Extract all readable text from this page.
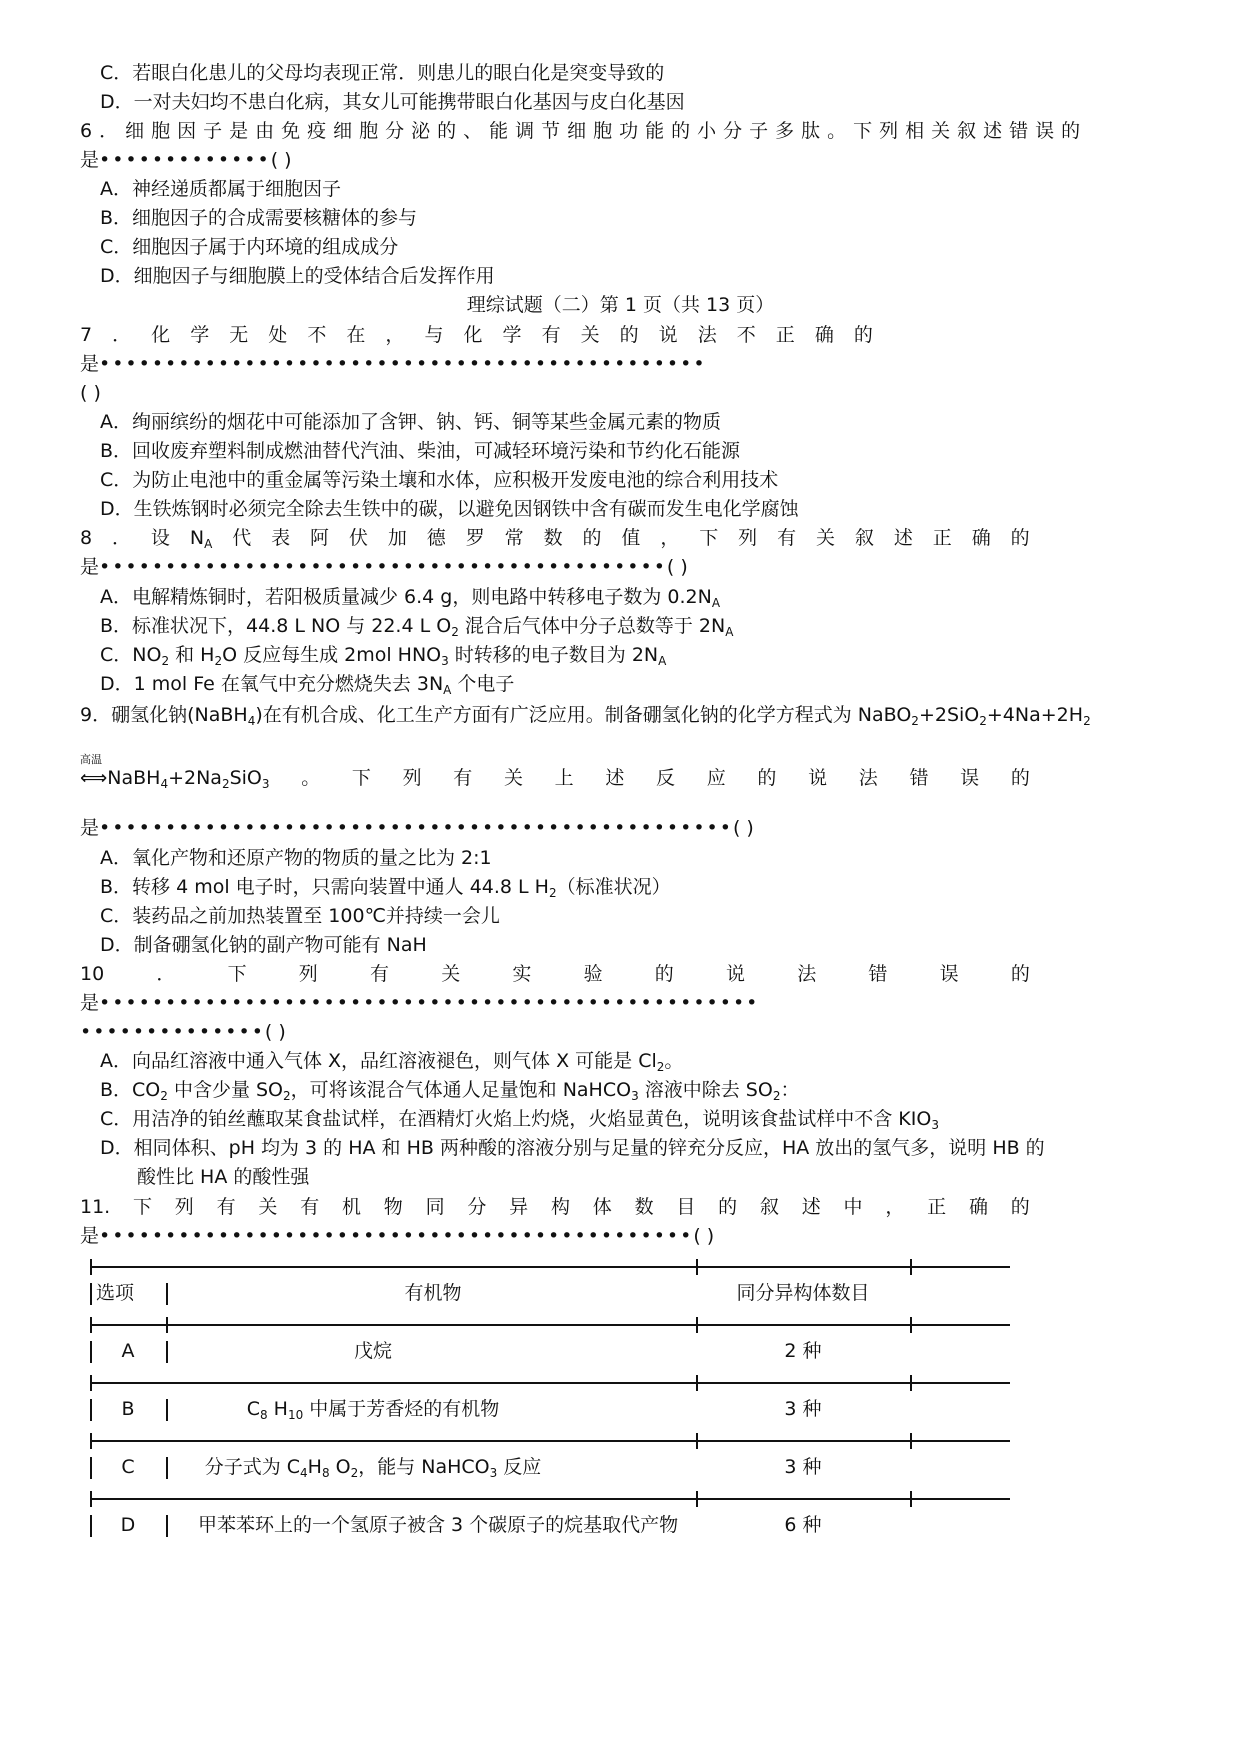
C．若眼白化患儿的父母均表现正常．则患儿的眼白化是突变导致的
D．一对夫妇均不患白化病，其女儿可能携带眼白化基因与皮白化基因
6．细胞因子是由免疫细胞分泌的、能调节细胞功能的小分子多肽。下列相关叙述错误的
是•••••••••••••( )
A．神经递质都属于细胞因子
B．细胞因子的合成需要核糖体的参与
C．细胞因子属于内环境的组成成分
D．细胞因子与细胞膜上的受体结合后发挥作用
理综试题（二）第 1 页（共 13 页）
7 ． 化 学 无 处 不 在 ， 与 化 学 有 关 的 说 法 不 正 确 的
是••••••••••••••••••••••••••••••••••••••••••••••
( )
A．绚丽缤纷的烟花中可能添加了含钾、钠、钙、铜等某些金属元素的物质
B．回收废弃塑料制成燃油替代汽油、柴油，可减轻环境污染和节约化石能源
C．为防止电池中的重金属等污染土壤和水体，应积极开发废电池的综合利用技术
D．生铁炼钢时必须完全除去生铁中的碳，以避免因钢铁中含有碳而发生电化学腐蚀
8 ． 设 $N_A$ 代 表 阿 伏 加 德 罗 常 数 的 值 ， 下 列 有 关 叙 述 正 确 的
是•••••••••••••••••••••••••••••••••••••••••••( )
A．电解精炼铜时，若阳极质量减少 6.4 g，则电路中转移电子数为 $0.2N_A$
B．标准状况下，44.8 L NO 与 22.4 L $O_2$ 混合后气体中分子总数等于 $2N_A$
C．$NO_2$ 和 $H_2O$ 反应每生成 2mol $HNO_3$ 时转移的电子数目为 $2N_A$
D．1 mol Fe 在氧气中充分燃烧失去 $3N_A$ 个电子
9．硼氢化钠(NaBH$_4$)在有机合成、化工生产方面有广泛应用。制备硼氢化钠的化学方程式为 $NaBO_2+2SiO_2+4Na+2H_2$
高温
$⟺NaBH_4+2Na_2SiO_3$ 。 下 列 有 关 上 述 反 应 的 说 法 错 误 的
是••••••••••••••••••••••••••••••••••••••••••••••••( )
A．氧化产物和还原产物的物质的量之比为 2:1
B．转移 4 mol 电子时，只需向装置中通人 44.8 L $H_2$（标准状况）
C．装药品之前加热装置至 100℃并持续一会儿
D．制备硼氢化钠的副产物可能有 NaH
10	．	下	列	有	关	实	验	的	说	法	错	误	的
是••••••••••••••••••••••••••••••••••••••••••••••••••
••••••••••••••( )
A．向品红溶液中通入气体 X，品红溶液褪色，则气体 X 可能是 $Cl_2$。
B．$CO_2$ 中含少量 $SO_2$，可将该混合气体通人足量饱和 NaHCO$_3$ 溶液中除去 $SO_2$：
C．用洁净的铂丝蘸取某食盐试样，在酒精灯火焰上灼烧，火焰显黄色，说明该食盐试样中不含 $KIO_3$
D．相同体积、pH 均为 3 的 HA 和 HB 两种酸的溶液分别与足量的锌充分反应，HA 放出的氢气多，说明 HB 的
酸性比 HA 的酸性强
11. 下 列 有 关 有 机 物 同 分 异 构 体 数 目 的 叙 述 中 ， 正 确 的
是•••••••••••••••••••••••••••••••••••••••••••••( )
选项	有机物	同分异构体数目
A	戊烷	2 种
B	$C_8$ $H_{10}$ 中属于芳香烃的有机物	3 种
C	分子式为 $C_4H_8$ $O_2$，能与 NaHCO$_3$ 反应	3 种
D	甲苯苯环上的一个氢原子被含 3 个碳原子的烷基取代产物	6 种
